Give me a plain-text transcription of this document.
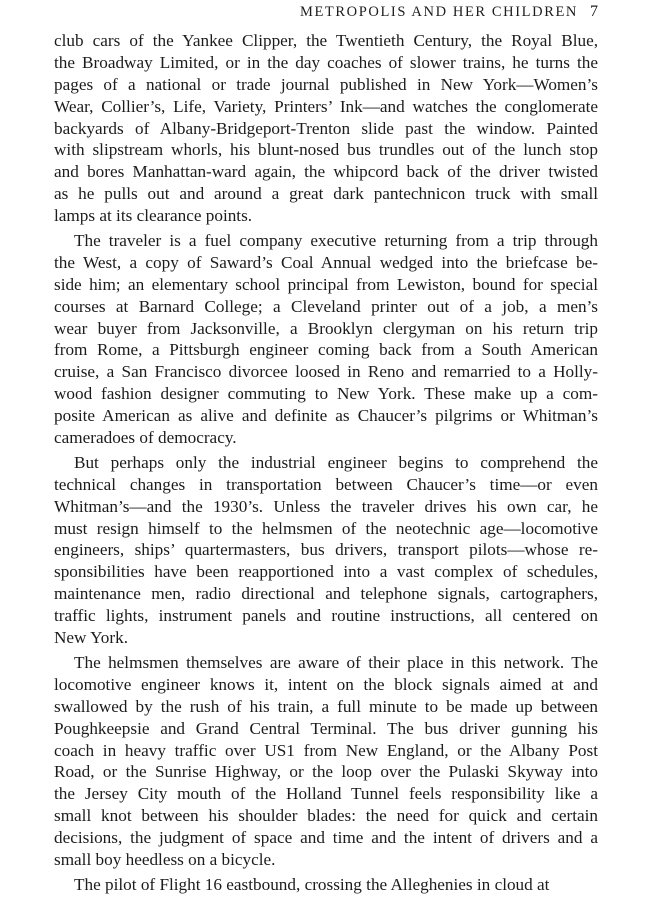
METROPOLIS AND HER CHILDREN 7
club cars of the Yankee Clipper, the Twentieth Century, the Royal Blue,
the Broadway Limited, or in the day coaches of slower trains, he turns the
pages of a national or trade journal published in New York—Women’s
Wear, Collier’s, Life, Variety, Printers’ Ink—and watches the conglomerate
backyards of Albany-Bridgeport-Trenton slide past the window. Painted
with slipstream whorls, his blunt-nosed bus trundles out of the lunch stop
and bores Manhattan-ward again, the whipcord back of the driver twisted
as he pulls out and around a great dark pantechnicon truck with small
lamps at its clearance points.
The traveler is a fuel company executive returning from a trip through
the West, a copy of Saward’s Coal Annual wedged into the briefcase be-
side him; an elementary school principal from Lewiston, bound for special
courses at Barnard College; a Cleveland printer out of a job, a men’s
wear buyer from Jacksonville, a Brooklyn clergyman on his return trip
from Rome, a Pittsburgh engineer coming back from a South American
cruise, a San Francisco divorcee loosed in Reno and remarried to a Holly-
wood fashion designer commuting to New York. These make up a com-
posite American as alive and definite as Chaucer’s pilgrims or Whitman’s
cameradoes of democracy.
But perhaps only the industrial engineer begins to comprehend the
technical changes in transportation between Chaucer’s time—or even
Whitman’s—and the 1930’s. Unless the traveler drives his own car, he
must resign himself to the helmsmen of the neotechnic age—locomotive
engineers, ships’ quartermasters, bus drivers, transport pilots—whose re-
sponsibilities have been reapportioned into a vast complex of schedules,
maintenance men, radio directional and telephone signals, cartographers,
traffic lights, instrument panels and routine instructions, all centered on
New York.
The helmsmen themselves are aware of their place in this network. The
locomotive engineer knows it, intent on the block signals aimed at and
swallowed by the rush of his train, a full minute to be made up between
Poughkeepsie and Grand Central Terminal. The bus driver gunning his
coach in heavy traffic over US1 from New England, or the Albany Post
Road, or the Sunrise Highway, or the loop over the Pulaski Skyway into
the Jersey City mouth of the Holland Tunnel feels responsibility like a
small knot between his shoulder blades: the need for quick and certain
decisions, the judgment of space and time and the intent of drivers and a
small boy heedless on a bicycle.
The pilot of Flight 16 eastbound, crossing the Alleghenies in cloud at
